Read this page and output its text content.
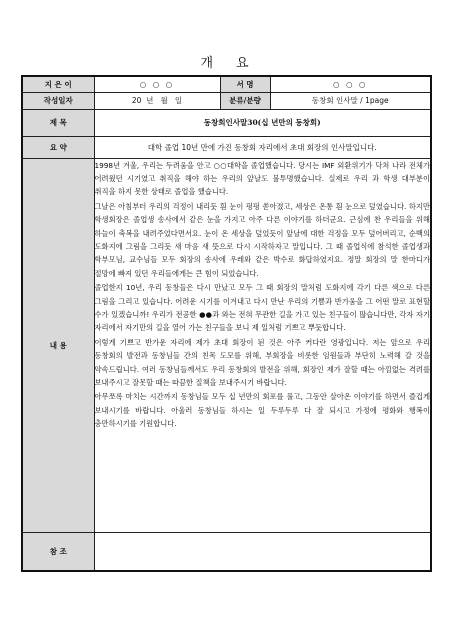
개 요
지 은 이	○ ○ ○	서 명	○ ○ ○
작성일자	20  년   월   일	분류/분량	동창회 인사말 / 1page
제 목	동창회인사말30(십 년만의 동창회)		
요 약	대학 졸업 10년 만에 가진 동창회 자리에서 초대 회장의 인사말입니다.		
내 용	1998년 겨울, 우리는 두려움을 안고 ○○대학을 졸업했습니다. 당시는 IMF 외환위기가 닥쳐 나라 전체가 어려웠던 시기였고 취직을 해야 하는 우리의 앞날도 불투명했습니다. 실제로 우리 과 학생 대부분이 취직을 하지 못한 상태로 졸업을 했습니다.

그날은 아침부터 우리의 걱정이 내리듯 흰 눈이 펑펑 쏟아졌고, 세상은 온통 흰 눈으로 덮였습니다. 하지만 학생회장은 졸업생 송사에서 같은 눈을 가지고 아주 다른 이야기를 하더군요. 근심에 찬 우리들을 위해 하늘이 축복을 내려주었다면서요. 눈이 온 세상을 덮었듯이 앞날에 대한 걱정을 모두 덮어버리고, 순백의 도화지에 그림을 그리듯 새 마음 새 뜻으로 다시 시작하자고 말입니다. 그 때 졸업식에 참석한 졸업생과 학부모님, 교수님들 모두 회장의 송사에 우레와 같은 박수로 화답하였지요. 정말 회장의 말 한마디가 절망에 빠져 있던 우리들에게는 큰 힘이 되었습니다.

졸업한지 10년, 우리 동창들은 다시 만났고 모두 그 때 회장의 말처럼 도화지에 각기 다른 색으로 다른 그림을 그리고 있습니다. 어려운 시기를 이겨내고 다시 만난 우리의 기쁨과 반가움을 그 어떤 말로 표현할 수가 있겠습니까! 우리가 전공한 ●●과 와는 전혀 무관한 길을 가고 있는 친구들이 많습니다만, 각자 자기 자리에서 자기만의 길을 열어 가는 친구들을 보니 제 일처럼 기쁘고 뿌듯합니다.

이렇게 기쁘고 반가운 자리에 제가 초대 회장이 된 것은 아주 커다란 영광입니다. 저는 앞으로 우리 동창회의 발전과 동창님들 간의 친목 도모를 위해, 부회장을 비롯한 임원들과 부단히 노력해 갈 것을 약속드립니다. 여러 동창님들께서도 우리 동창회의 발전을 위해, 회장인 제가 잘할 때는 아낌없는 격려를 보내주시고 잘못할 때는 따끔한 질책을 보내주시기 바랍니다.

아무쪼록 마치는 시간까지 동창님들 모두 십 년만의 회포를 풀고, 그동안 살아온 이야기를 하면서 즐겁게 보내시기를 바랍니다. 아울러 동창님들 하시는 일 두루두루 다 잘 되시고 가정에 평화와 행복이 충만하시기를 기원합니다.		

참 조			
